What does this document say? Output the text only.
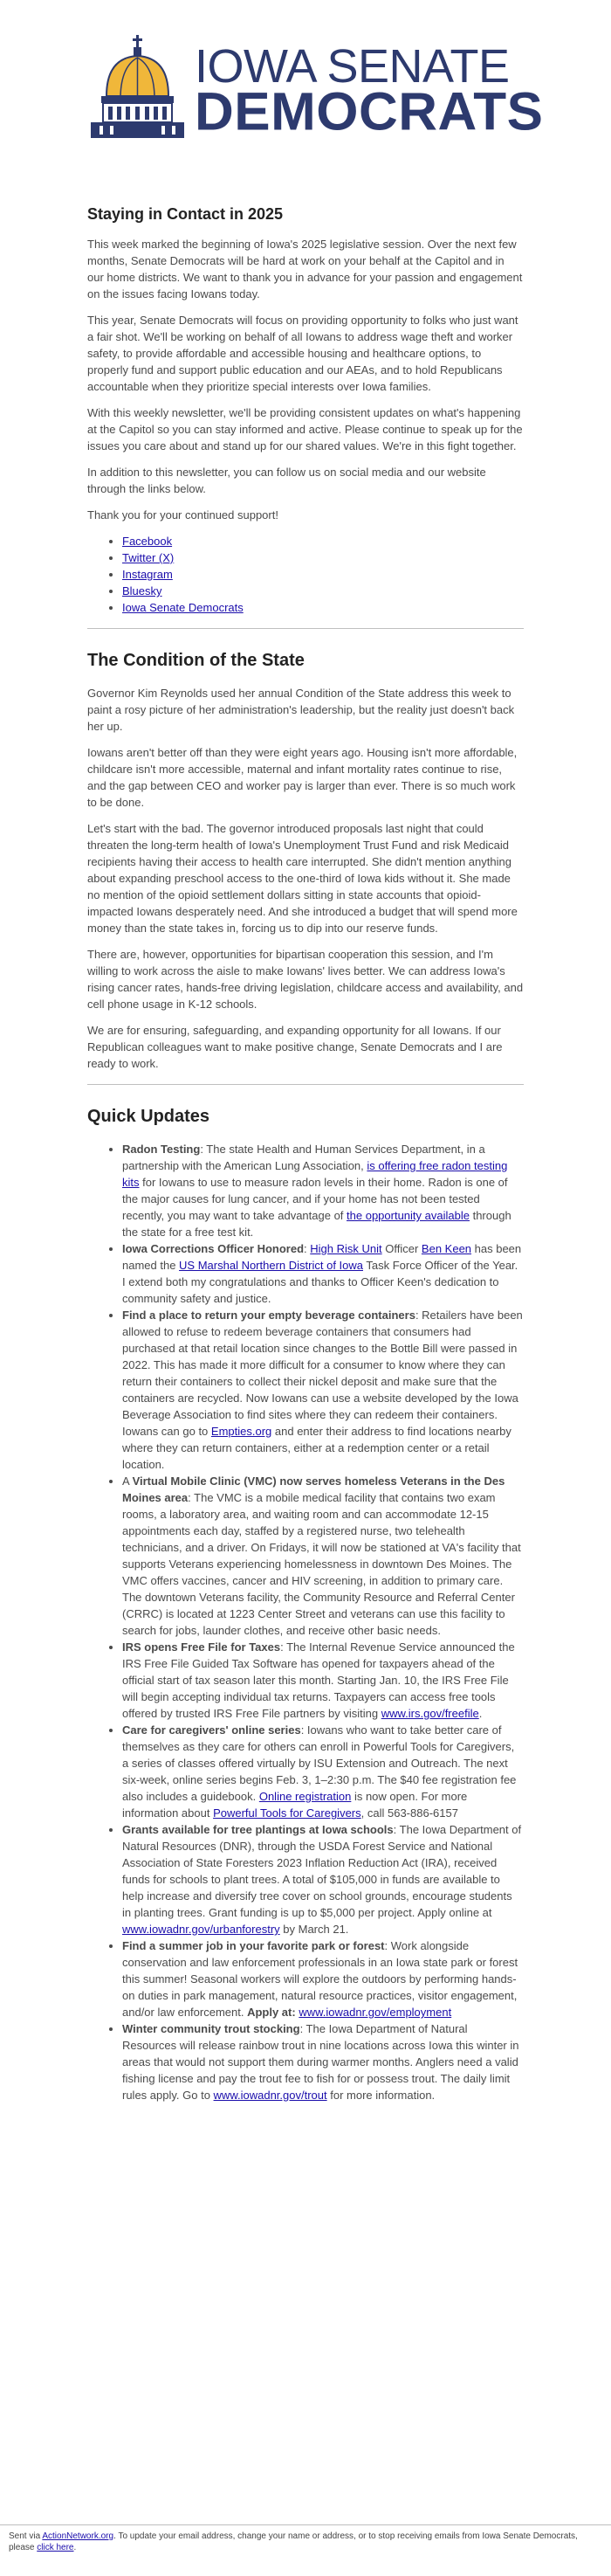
IOWA SENATE
DEMOCRATS
Staying in Contact in 2025

This week marked the beginning of Iowa's 2025 legislative session. Over the next few months, Senate Democrats will be hard at work on your behalf at the Capitol and in our home districts. We want to thank you in advance for your passion and engagement on the issues facing Iowans today.

This year, Senate Democrats will focus on providing opportunity to folks who just want a fair shot. We'll be working on behalf of all Iowans to address wage theft and worker safety, to provide affordable and accessible housing and healthcare options, to properly fund and support public education and our AEAs, and to hold Republicans accountable when they prioritize special interests over Iowa families.

With this weekly newsletter, we'll be providing consistent updates on what's happening at the Capitol so you can stay informed and active. Please continue to speak up for the issues you care about and stand up for our shared values. We're in this fight together.

In addition to this newsletter, you can follow us on social media and our website through the links below.

Thank you for your continued support!

• Facebook
• Twitter (X)
• Instagram
• Bluesky
• Iowa Senate Democrats
The Condition of the State

Governor Kim Reynolds used her annual Condition of the State address this week to paint a rosy picture of her administration's leadership, but the reality just doesn't back her up.

Iowans aren't better off than they were eight years ago. Housing isn't more affordable, childcare isn't more accessible, maternal and infant mortality rates continue to rise, and the gap between CEO and worker pay is larger than ever. There is so much work to be done.

Let's start with the bad. The governor introduced proposals last night that could threaten the long-term health of Iowa's Unemployment Trust Fund and risk Medicaid recipients having their access to health care interrupted. She didn't mention anything about expanding preschool access to the one-third of Iowa kids without it. She made no mention of the opioid settlement dollars sitting in state accounts that opioid-impacted Iowans desperately need. And she introduced a budget that will spend more money than the state takes in, forcing us to dip into our reserve funds.

There are, however, opportunities for bipartisan cooperation this session, and I'm willing to work across the aisle to make Iowans' lives better. We can address Iowa's rising cancer rates, hands-free driving legislation, childcare access and availability, and cell phone usage in K-12 schools.

We are for ensuring, safeguarding, and expanding opportunity for all Iowans. If our Republican colleagues want to make positive change, Senate Democrats and I are ready to work.

Quick Updates
• Radon Testing: The state Health and Human Services Department, in a partnership with the American Lung Association, is offering free radon testing kits for Iowans to use to measure radon levels in their home. Radon is one of the major causes for lung cancer, and if your home has not been tested recently, you may want to take advantage of the opportunity available through the state for a free test kit.
• Iowa Corrections Officer Honored: High Risk Unit Officer Ben Keen has been named the US Marshal Northern District of Iowa Task Force Officer of the Year. I extend both my congratulations and thanks to Officer Keen's dedication to community safety and justice.
• Find a place to return your empty beverage containers: Retailers have been allowed to refuse to redeem beverage containers that consumers had purchased at that retail location since changes to the Bottle Bill were passed in 2022. This has made it more difficult for a consumer to know where they can return their containers to collect their nickel deposit and make sure that the containers are recycled. Now Iowans can use a website developed by the Iowa Beverage Association to find sites where they can redeem their containers. Iowans can go to Empties.org and enter their address to find locations nearby where they can return containers, either at a redemption center or a retail location.
• A Virtual Mobile Clinic (VMC) now serves homeless Veterans in the Des Moines area: The VMC is a mobile medical facility that contains two exam rooms, a laboratory area, and waiting room and can accommodate 12-15 appointments each day, staffed by a registered nurse, two telehealth technicians, and a driver. On Fridays, it will now be stationed at VA's facility that supports Veterans experiencing homelessness in downtown Des Moines. The VMC offers vaccines, cancer and HIV screening, in addition to primary care. The downtown Veterans facility, the Community Resource and Referral Center (CRRC) is located at 1223 Center Street and veterans can use this facility to search for jobs, launder clothes, and receive other basic needs.
• IRS opens Free File for Taxes: The Internal Revenue Service announced the IRS Free File Guided Tax Software has opened for taxpayers ahead of the official start of tax season later this month. Starting Jan. 10, the IRS Free File will begin accepting individual tax returns. Taxpayers can access free tools offered by trusted IRS Free File partners by visiting www.irs.gov/freefile.
• Care for caregivers' online series: Iowans who want to take better care of themselves as they care for others can enroll in Powerful Tools for Caregivers, a series of classes offered virtually by ISU Extension and Outreach. The next six-week, online series begins Feb. 3, 1–2:30 p.m. The $40 fee registration fee also includes a guidebook. Online registration is now open. For more information about Powerful Tools for Caregivers, call 563-886-6157
• Grants available for tree plantings at Iowa schools: The Iowa Department of Natural Resources (DNR), through the USDA Forest Service and National Association of State Foresters 2023 Inflation Reduction Act (IRA), received funds for schools to plant trees. A total of $105,000 in funds are available to help increase and diversify tree cover on school grounds, encourage students in planting trees. Grant funding is up to $5,000 per project. Apply online at www.iowadnr.gov/urbanforestry by March 21.
• Find a summer job in your favorite park or forest: Work alongside conservation and law enforcement professionals in an Iowa state park or forest this summer! Seasonal workers will explore the outdoors by performing hands-on duties in park management, natural resource practices, visitor engagement, and/or law enforcement. Apply at: www.iowadnr.gov/employment
• Winter community trout stocking: The Iowa Department of Natural Resources will release rainbow trout in nine locations across Iowa this winter in areas that would not support them during warmer months. Anglers need a valid fishing license and pay the trout fee to fish for or possess trout. The daily limit rules apply. Go to www.iowadnr.gov/trout for more information.
Sent via ActionNetwork.org. To update your email address, change your name or address, or to stop receiving emails from Iowa Senate Democrats, please click here.
